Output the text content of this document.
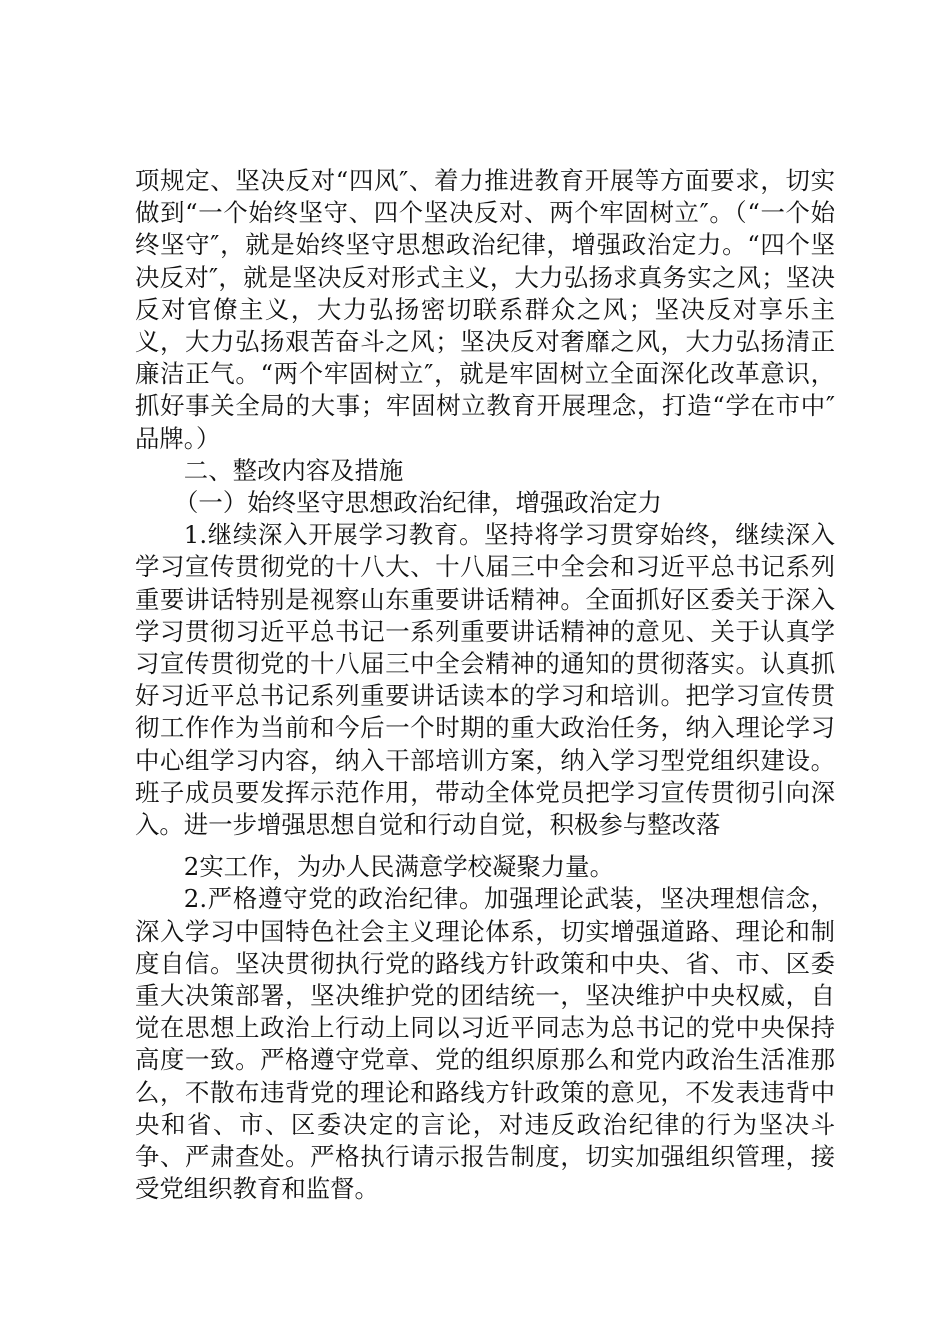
项规定、坚决反对“四风″、着力推进教育开展等方面要求，切实做到“一个始终坚守、四个坚决反对、两个牢固树立″。（“一个始终坚守″，就是始终坚守思想政治纪律，增强政治定力。“四个坚决反对″，就是坚决反对形式主义，大力弘扬求真务实之风；坚决反对官僚主义，大力弘扬密切联系群众之风；坚决反对享乐主义，大力弘扬艰苦奋斗之风；坚决反对奢靡之风，大力弘扬清正廉洁正气。“两个牢固树立″，就是牢固树立全面深化改革意识，抓好事关全局的大事；牢固树立教育开展理念，打造“学在市中″品牌。）

二、整改内容及措施

（一）始终坚守思想政治纪律，增强政治定力

1.继续深入开展学习教育。坚持将学习贯穿始终，继续深入学习宣传贯彻党的十八大、十八届三中全会和习近平总书记系列重要讲话特别是视察山东重要讲话精神。全面抓好区委关于深入学习贯彻习近平总书记一系列重要讲话精神的意见、关于认真学习宣传贯彻党的十八届三中全会精神的通知的贯彻落实。认真抓好习近平总书记系列重要讲话读本的学习和培训。把学习宣传贯彻工作作为当前和今后一个时期的重大政治任务，纳入理论学习中心组学习内容，纳入干部培训方案，纳入学习型党组织建设。班子成员要发挥示范作用，带动全体党员把学习宣传贯彻引向深入。进一步增强思想自觉和行动自觉，积极参与整改落

2实工作，为办人民满意学校凝聚力量。

2.严格遵守党的政治纪律。加强理论武装，坚决理想信念，深入学习中国特色社会主义理论体系，切实增强道路、理论和制度自信。坚决贯彻执行党的路线方针政策和中央、省、市、区委重大决策部署，坚决维护党的团结统一，坚决维护中央权威，自觉在思想上政治上行动上同以习近平同志为总书记的党中央保持高度一致。严格遵守党章、党的组织原那么和党内政治生活准那么，不散布违背党的理论和路线方针政策的意见，不发表违背中央和省、市、区委决定的言论，对违反政治纪律的行为坚决斗争、严肃查处。严格执行请示报告制度，切实加强组织管理，接受党组织教育和监督。
